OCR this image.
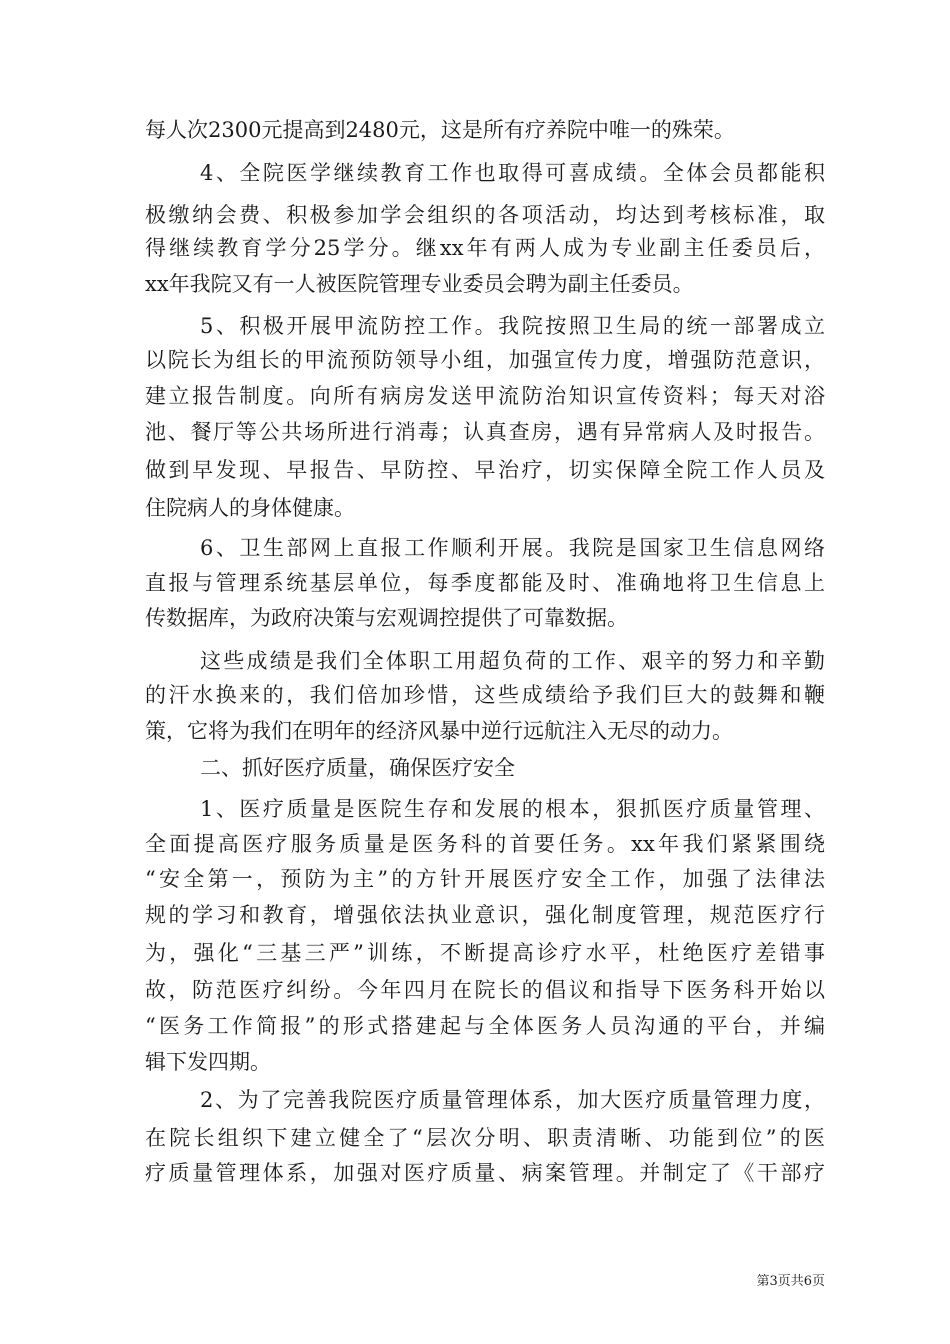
每人次2300元提高到2480元，这是所有疗养院中唯一的殊荣。
4、全院医学继续教育工作也取得可喜成绩。全体会员都能积
极缴纳会费、积极参加学会组织的各项活动，均达到考核标准，取
得继续教育学分25学分。继xx年有两人成为专业副主任委员后，
xx年我院又有一人被医院管理专业委员会聘为副主任委员。
5、积极开展甲流防控工作。我院按照卫生局的统一部署成立
以院长为组长的甲流预防领导小组，加强宣传力度，增强防范意识，
建立报告制度。向所有病房发送甲流防治知识宣传资料；每天对浴
池、餐厅等公共场所进行消毒；认真查房，遇有异常病人及时报告。
做到早发现、早报告、早防控、早治疗，切实保障全院工作人员及
住院病人的身体健康。
6、卫生部网上直报工作顺利开展。我院是国家卫生信息网络
直报与管理系统基层单位，每季度都能及时、准确地将卫生信息上
传数据库，为政府决策与宏观调控提供了可靠数据。
这些成绩是我们全体职工用超负荷的工作、艰辛的努力和辛勤
的汗水换来的，我们倍加珍惜，这些成绩给予我们巨大的鼓舞和鞭
策，它将为我们在明年的经济风暴中逆行远航注入无尽的动力。
二、抓好医疗质量，确保医疗安全
1、医疗质量是医院生存和发展的根本，狠抓医疗质量管理、
全面提高医疗服务质量是医务科的首要任务。xx年我们紧紧围绕
“安全第一，预防为主”的方针开展医疗安全工作，加强了法律法
规的学习和教育，增强依法执业意识，强化制度管理，规范医疗行
为，强化“三基三严”训练，不断提高诊疗水平，杜绝医疗差错事
故，防范医疗纠纷。今年四月在院长的倡议和指导下医务科开始以
“医务工作简报”的形式搭建起与全体医务人员沟通的平台，并编
辑下发四期。
2、为了完善我院医疗质量管理体系，加大医疗质量管理力度，
在院长组织下建立健全了“层次分明、职责清晰、功能到位”的医
疗质量管理体系，加强对医疗质量、病案管理。并制定了《干部疗
第3页共6页
